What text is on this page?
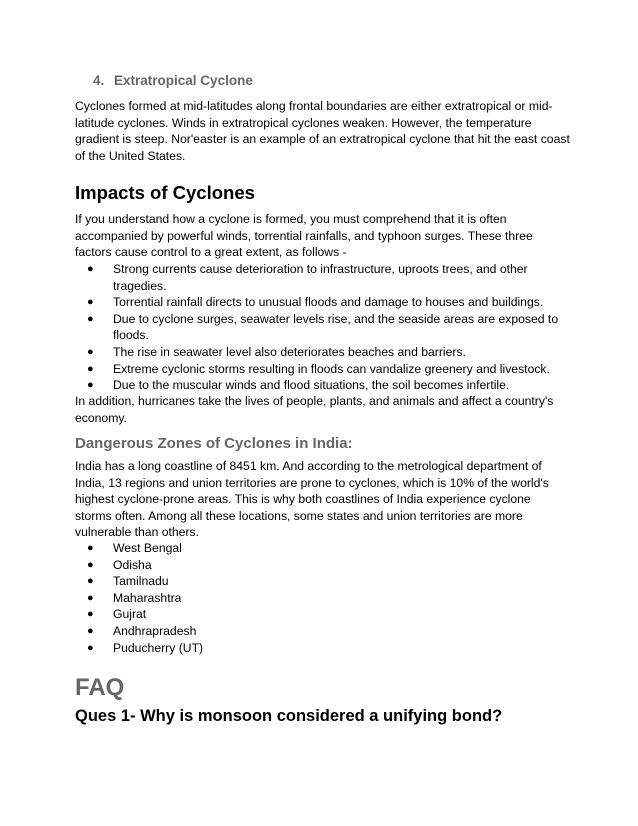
4. Extratropical Cyclone
Cyclones formed at mid-latitudes along frontal boundaries are either extratropical or mid-latitude cyclones. Winds in extratropical cyclones weaken. However, the temperature gradient is steep. Nor'easter is an example of an extratropical cyclone that hit the east coast of the United States.
Impacts of Cyclones
If you understand how a cyclone is formed, you must comprehend that it is often accompanied by powerful winds, torrential rainfalls, and typhoon surges. These three factors cause control to a great extent, as follows -
● Strong currents cause deterioration to infrastructure, uproots trees, and other tragedies.
● Torrential rainfall directs to unusual floods and damage to houses and buildings.
● Due to cyclone surges, seawater levels rise, and the seaside areas are exposed to floods.
● The rise in seawater level also deteriorates beaches and barriers.
● Extreme cyclonic storms resulting in floods can vandalize greenery and livestock.
● Due to the muscular winds and flood situations, the soil becomes infertile.
In addition, hurricanes take the lives of people, plants, and animals and affect a country's economy.
Dangerous Zones of Cyclones in India:
India has a long coastline of 8451 km. And according to the metrological department of India, 13 regions and union territories are prone to cyclones, which is 10% of the world's highest cyclone-prone areas. This is why both coastlines of India experience cyclone storms often. Among all these locations, some states and union territories are more vulnerable than others.
● West Bengal
● Odisha
● Tamilnadu
● Maharashtra
● Gujrat
● Andhrapradesh
● Puducherry (UT)
FAQ
Ques 1- Why is monsoon considered a unifying bond?
